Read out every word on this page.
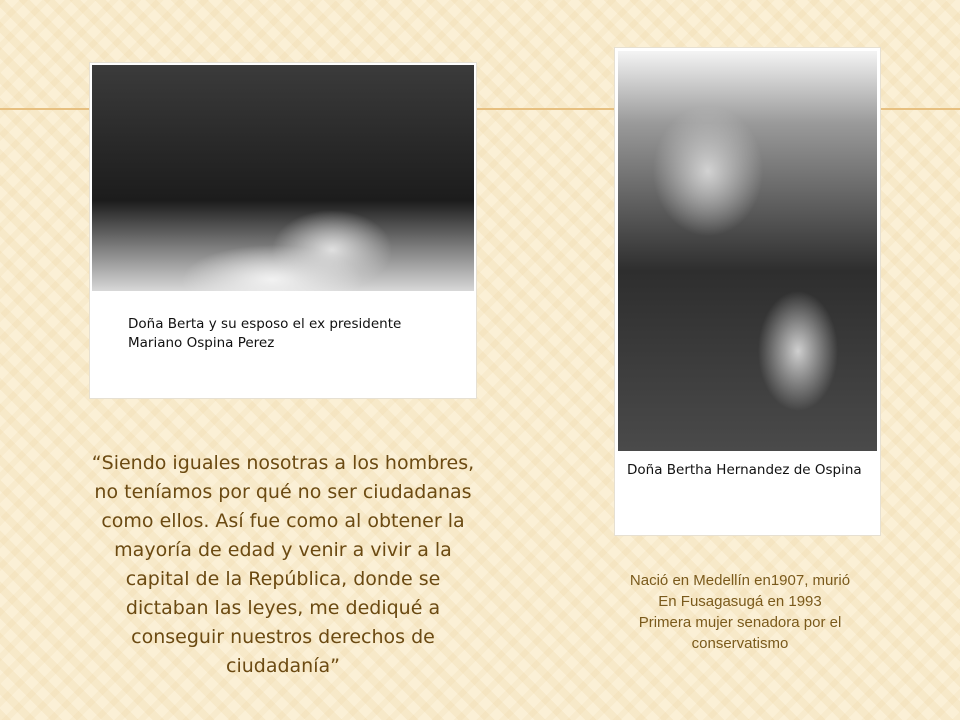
Doña Berta y su esposo el ex presidente
Mariano Ospina Perez
Doña Bertha Hernandez de Ospina
“Siendo iguales nosotras a los hombres, no teníamos por qué no ser ciudadanas como ellos. Así fue como al obtener la mayoría de edad y venir a vivir a la capital de la República, donde se dictaban las leyes, me dediqué a conseguir nuestros derechos de ciudadanía”
Nació en Medellín en1907, murió
En Fusagasugá en 1993
Primera mujer senadora por el
conservatismo
